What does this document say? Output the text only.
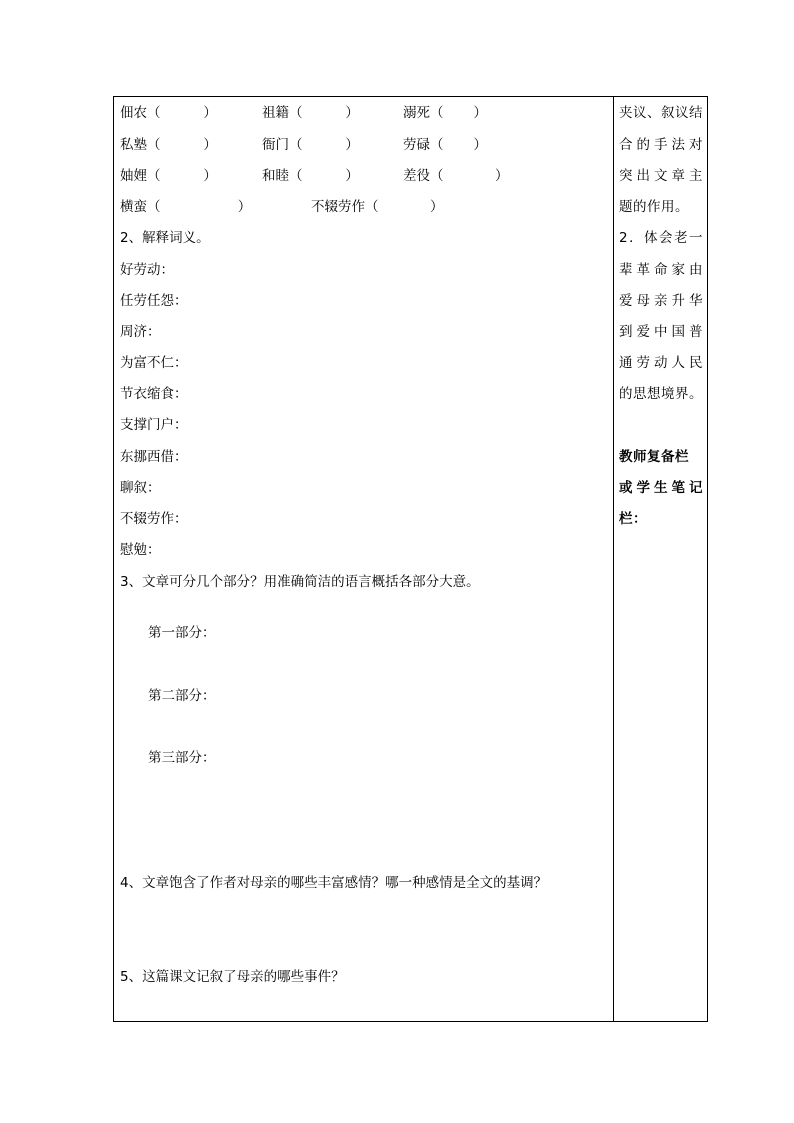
佃农（          ）	祖籍（          ）	溺死（       ）
私塾（          ）	衙门（          ）	劳碌（       ）
妯娌（          ）	和睦（          ）	差役（            ）
横蛮（                  ）	不辍劳作（            ）
2、解释词义。
好劳动：
任劳任怨：
周济：
为富不仁：
节衣缩食：
支撑门户：
东挪西借：
聊叙：
不辍劳作：
慰勉：
3、文章可分几个部分？用准确简洁的语言概括各部分大意。
第一部分：
第二部分：
第三部分：
4、文章饱含了作者对母亲的哪些丰富感情？哪一种感情是全文的基调？
5、这篇课文记叙了母亲的哪些事件？
夹议、叙议结
合的手法对
突出文章主
题的作用。
2．体会老一
辈革命家由
爱母亲升华
到爱中国普
通劳动人民
的思想境界。
教师复备栏
或学生笔记
栏：
